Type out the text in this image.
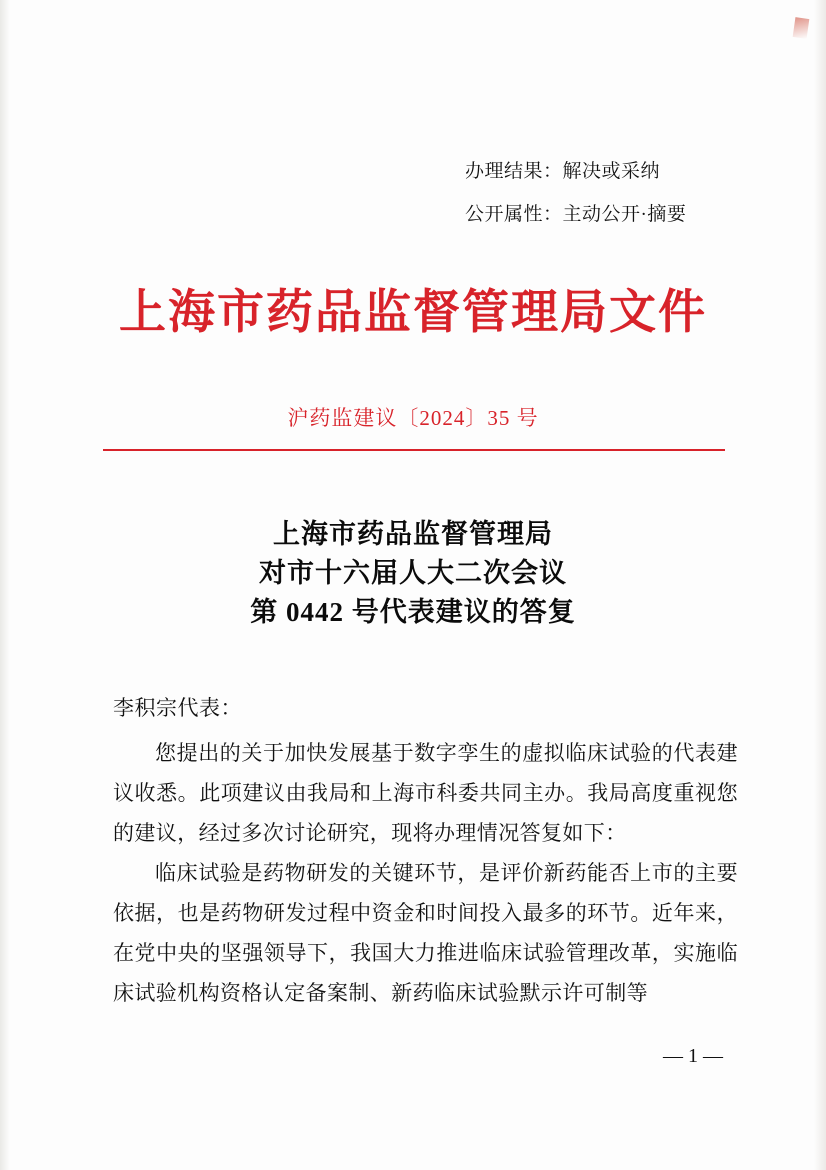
办理结果：解决或采纳
公开属性：主动公开·摘要
上海市药品监督管理局文件
沪药监建议〔2024〕35 号
上海市药品监督管理局
对市十六届人大二次会议
第 0442 号代表建议的答复
李积宗代表：

您提出的关于加快发展基于数字孪生的虚拟临床试验的代表建议收悉。此项建议由我局和上海市科委共同主办。我局高度重视您的建议，经过多次讨论研究，现将办理情况答复如下：

临床试验是药物研发的关键环节，是评价新药能否上市的主要依据，也是药物研发过程中资金和时间投入最多的环节。近年来，在党中央的坚强领导下，我国大力推进临床试验管理改革，实施临床试验机构资格认定备案制、新药临床试验默示许可制等

— 1 —
